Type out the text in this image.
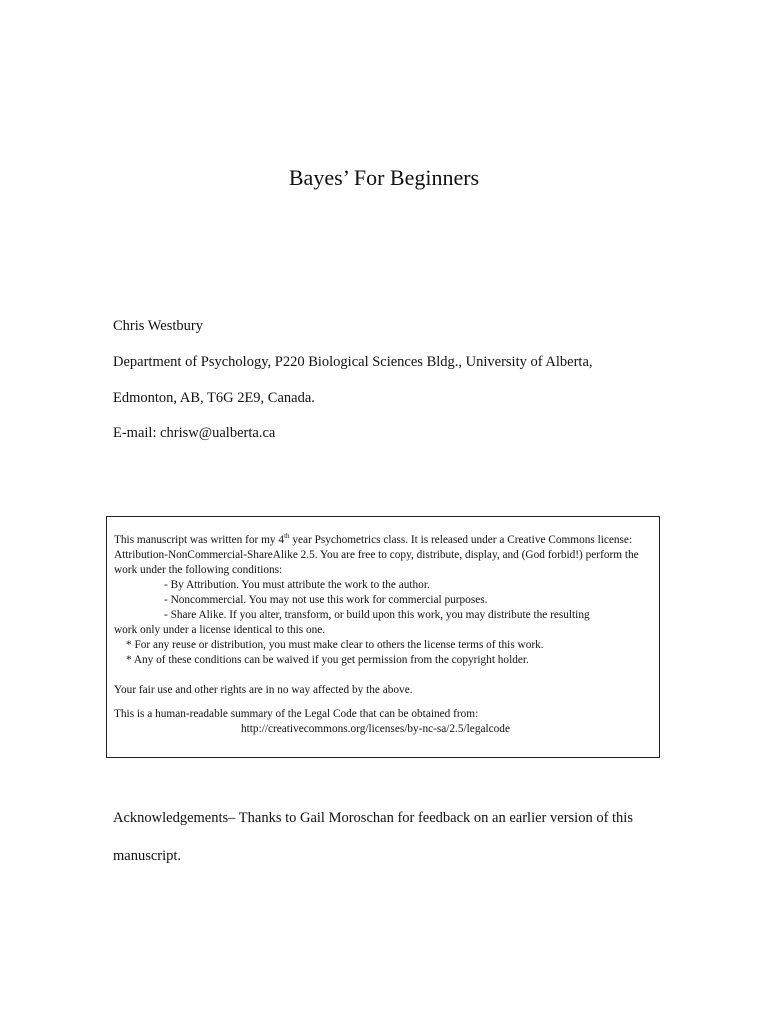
Bayes’ For Beginners
Chris Westbury
Department of Psychology, P220 Biological Sciences Bldg., University of Alberta,
Edmonton, AB, T6G 2E9, Canada.
E-mail: chrisw@ualberta.ca

This manuscript was written for my 4th year Psychometrics class. It is released under a Creative Commons license: Attribution-NonCommercial-ShareAlike 2.5. You are free to copy, distribute, display, and (God forbid!) perform the work under the following conditions:

- By Attribution. You must attribute the work to the author.

- Noncommercial. You may not use this work for commercial purposes.

- Share Alike. If you alter, transform, or build upon this work, you may distribute the resulting

work only under a license identical to this one.

* For any reuse or distribution, you must make clear to others the license terms of this work.

* Any of these conditions can be waived if you get permission from the copyright holder.

Your fair use and other rights are in no way affected by the above.

This is a human-readable summary of the Legal Code that can be obtained from:

http://creativecommons.org/licenses/by-nc-sa/2.5/legalcode

Acknowledgements– Thanks to Gail Moroschan for feedback on an earlier version of this
manuscript.
